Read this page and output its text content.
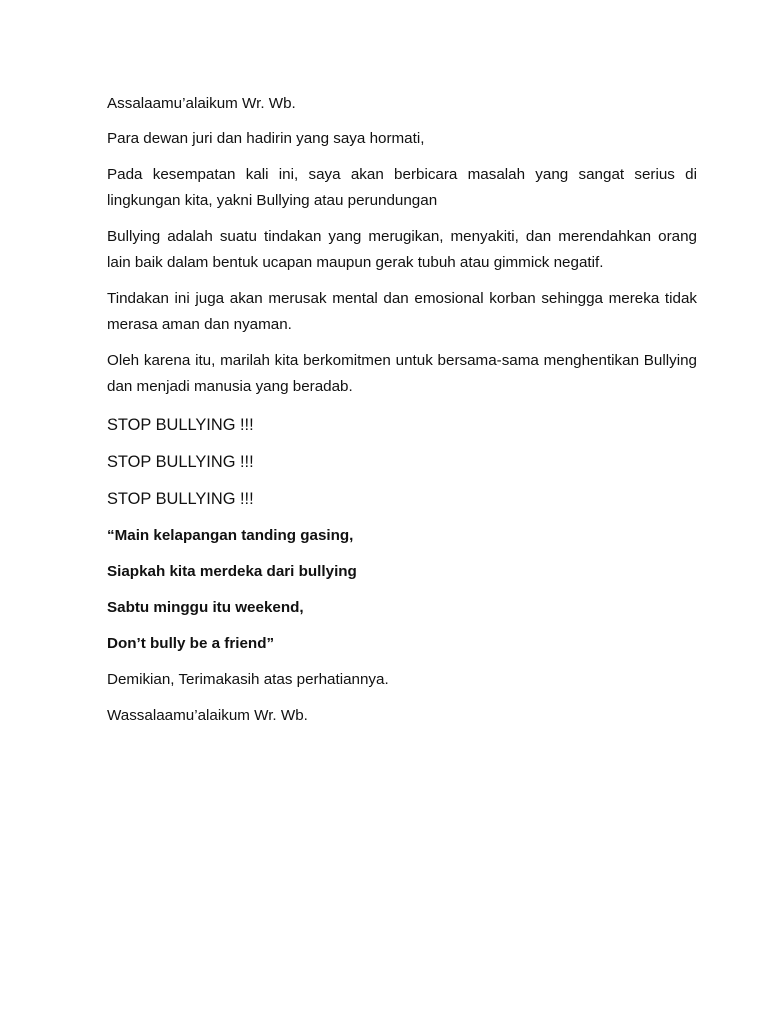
Assalaamu’alaikum Wr. Wb.

Para dewan juri dan hadirin yang saya hormati,

Pada kesempatan kali ini, saya akan berbicara masalah yang sangat serius di lingkungan kita, yakni Bullying atau perundungan

Bullying adalah suatu tindakan yang merugikan, menyakiti, dan merendahkan orang lain baik dalam bentuk ucapan maupun gerak tubuh atau gimmick negatif.

Tindakan ini juga akan merusak mental dan emosional korban sehingga mereka tidak merasa aman dan nyaman.

Oleh karena itu, marilah kita berkomitmen untuk bersama-sama menghentikan Bullying dan menjadi manusia yang beradab.

STOP BULLYING !!!

STOP BULLYING !!!

STOP BULLYING !!!

“Main kelapangan tanding gasing,

Siapkah kita merdeka dari bullying

Sabtu minggu itu weekend,

Don’t bully be a friend”

Demikian, Terimakasih atas perhatiannya.

Wassalaamu’alaikum Wr. Wb.
